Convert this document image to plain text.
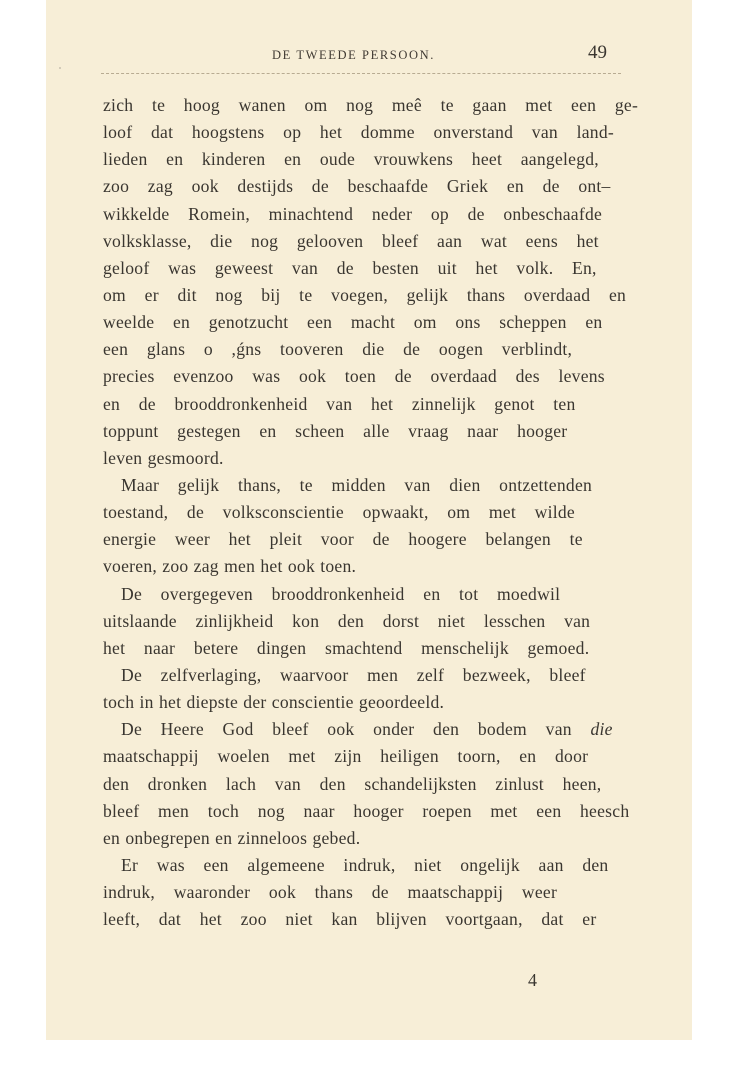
DE TWEEDE PERSOON.	49
zich te hoog wanen om nog meê te gaan met een ge-
loof dat hoogstens op het domme onverstand van land-
lieden en kinderen en oude vrouwkens heet aangelegd,
zoo zag ook destijds de beschaafde Griek en de ont–
wikkelde Romein, minachtend neder op de onbeschaafde
volksklasse, die nog gelooven bleef aan wat eens het
geloof was geweest van de besten uit het volk. En,
om er dit nog bij te voegen, gelijk thans overdaad en
weelde en genotzucht een macht om ons scheppen en
een glans o ,ǵns tooveren die de oogen verblindt,
precies evenzoo was ook toen de overdaad des levens
en de brooddronkenheid van het zinnelijk genot ten
toppunt gestegen en scheen alle vraag naar hooger
leven gesmoord.
Maar gelijk thans, te midden van dien ontzettenden
toestand, de volksconscientie opwaakt, om met wilde
energie weer het pleit voor de hoogere belangen te
voeren, zoo zag men het ook toen.
De overgegeven brooddronkenheid en tot moedwil
uitslaande zinlijkheid kon den dorst niet lesschen van
het naar betere dingen smachtend menschelijk gemoed.
De zelfverlaging, waarvoor men zelf bezweek, bleef
toch in het diepste der conscientie geoordeeld.
De Heere God bleef ook onder den bodem van die
maatschappij woelen met zijn heiligen toorn, en door
den dronken lach van den schandelijksten zinlust heen,
bleef men toch nog naar hooger roepen met een heesch
en onbegrepen en zinneloos gebed.
Er was een algemeene indruk, niet ongelijk aan den
indruk, waaronder ook thans de maatschappij weer
leeft, dat het zoo niet kan blijven voortgaan, dat er
4
